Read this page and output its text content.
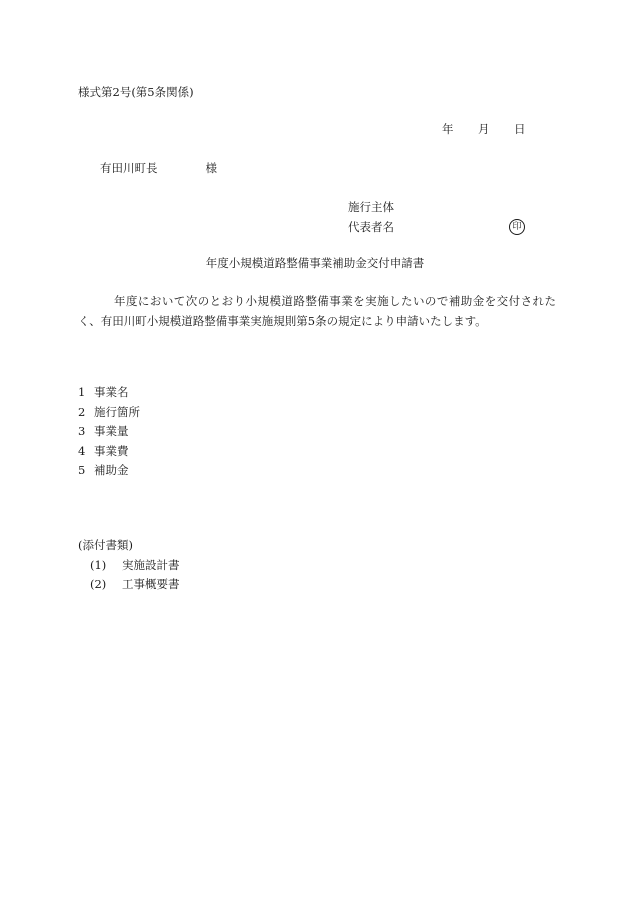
様式第2号(第5条関係)
年 月 日
有田川町長	様
施行主体
代表者名	印
年度小規模道路整備事業補助金交付申請書
年度において次のとおり小規模道路整備事業を実施したいので補助金を交付されたく、有田川町小規模道路整備事業実施規則第5条の規定により申請いたします。
1 事業名
2 施行箇所
3 事業量
4 事業費
5 補助金
(添付書類)
(1) 実施設計書
(2) 工事概要書
